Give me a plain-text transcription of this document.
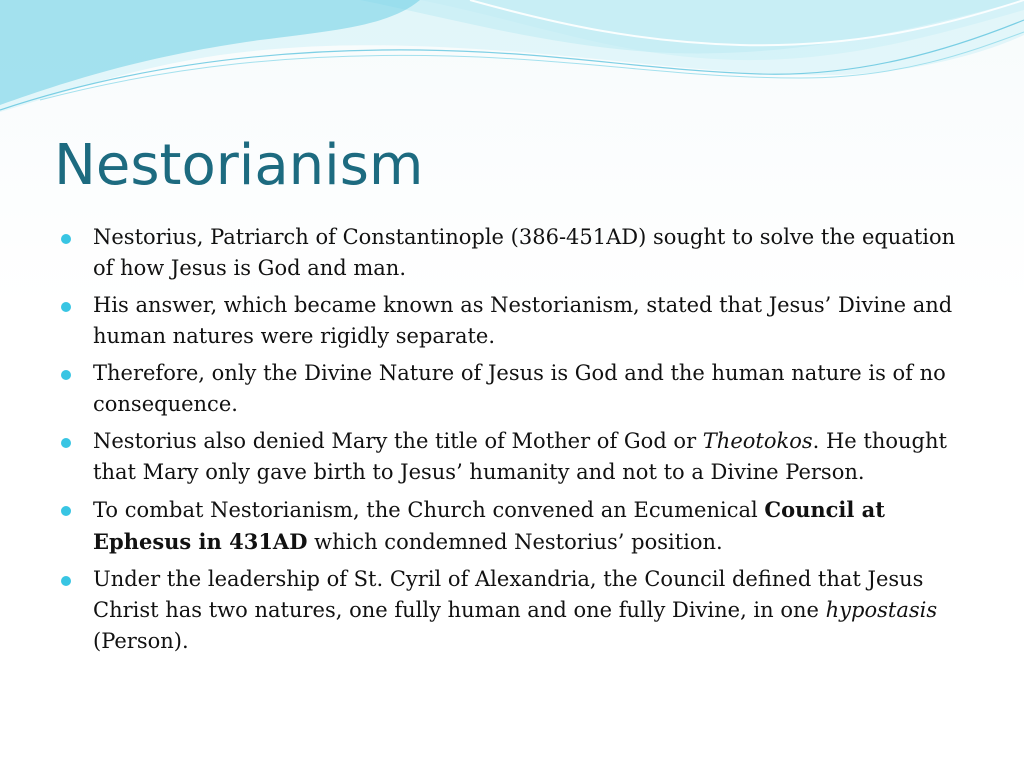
Nestorianism
Nestorius, Patriarch of Constantinople (386-451AD) sought to solve the equation of how Jesus is God and man.
His answer, which became known as Nestorianism, stated that Jesus’ Divine and human natures were rigidly separate.
Therefore, only the Divine Nature of Jesus is God and the human nature is of no consequence.
Nestorius also denied Mary the title of Mother of God or Theotokos. He thought that Mary only gave birth to Jesus’ humanity and not to a Divine Person.
To combat Nestorianism, the Church convened an Ecumenical Council at Ephesus in 431AD which condemned Nestorius’ position.
Under the leadership of St. Cyril of Alexandria, the Council defined that Jesus Christ has two natures, one fully human and one fully Divine, in one hypostasis (Person).
